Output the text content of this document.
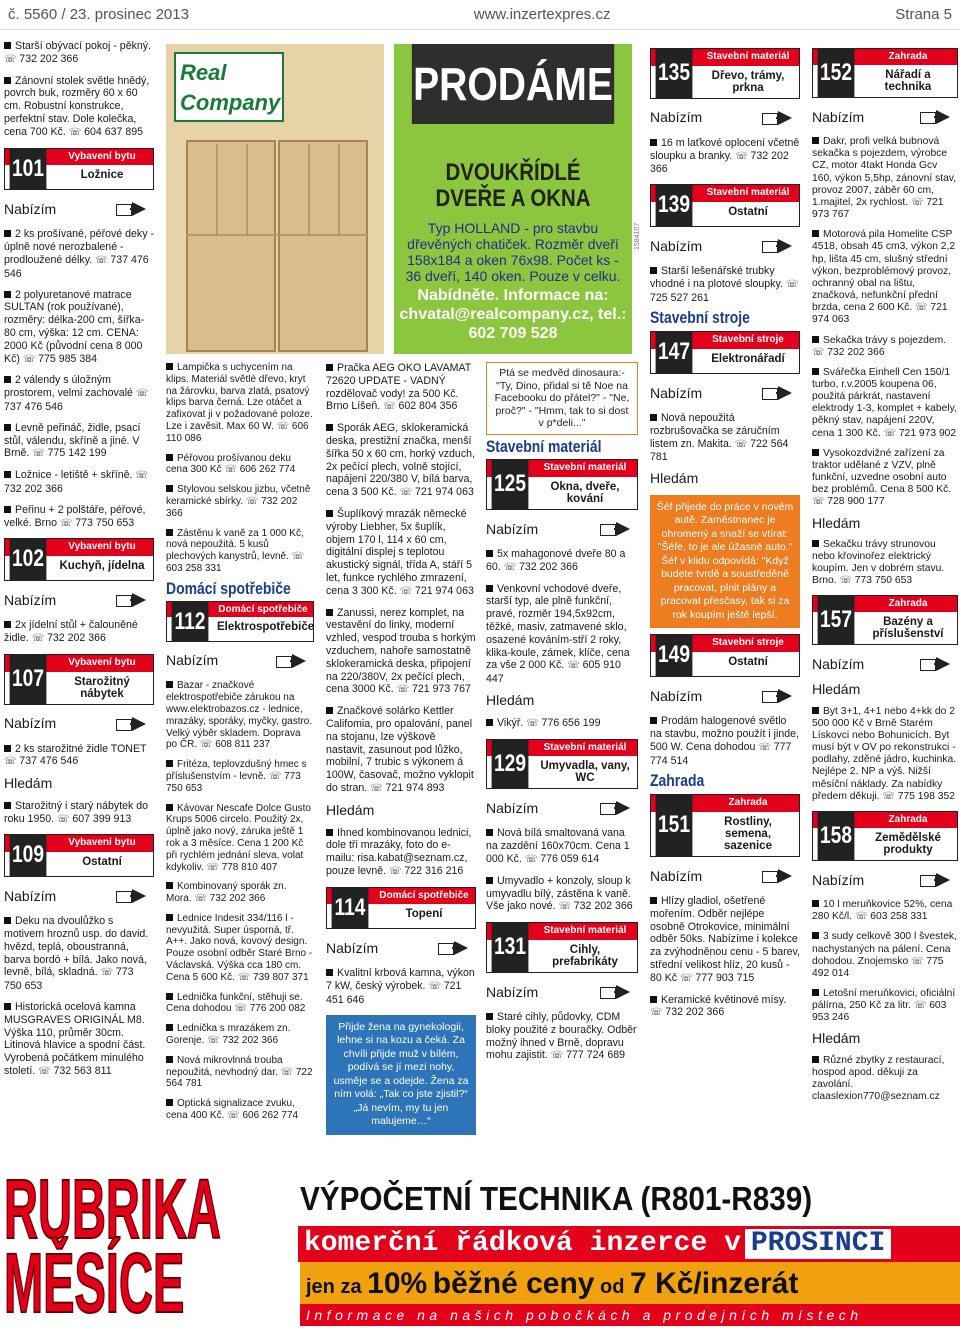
č. 5560 / 23. prosinec 2013	www.inzertexpres.cz	Strana 5
Starší obývací pokoj - pěkný. ☏ 732 202 366
Zánovní stolek světle hnědý, povrch buk, rozměry 60 x 60 cm. Robustní konstrukce, perfektní stav. Dole kolečka, cena 700 Kč. ☏ 604 637 895
101	Vybavení bytu
Ložnice
Nabízím
2 ks prošívané, péřové deky - úplně nové nerozbalené - prodloužené délky. ☏ 737 476 546
2 polyuretanové matrace SULTAN (rok používané), rozměry: délka-200 cm, šířka-80 cm, výška: 12 cm. CENA: 2000 Kč (původní cena 8 000 Kč) ☏ 775 985 384
2 válendy s úložným prostorem, velmi zachovalé ☏ 737 476 546
Levně peřináč, židle, psací stůl, válendu, skříně a jiné. V Brně. ☏ 775 142 199
Ložnice - letiště + skříně. ☏ 732 202 366
Peřinu + 2 polštáře, péřové, velké. Brno ☏ 773 750 653
102	Vybavení bytu
Kuchyň, jídelna
Nabízím
2x jídelní stůl + čalouněné židle. ☏ 732 202 366
107
Vybavení bytu
Starožitný nábytek
Nabízím
2 ks starožitné židle TONET ☏ 737 476 546
Hledám
Starožitný i starý nábytek do roku 1950. ☏ 607 399 913
109	Vybavení bytu
Ostatní
Nabízím
Deku na dvoulůžko s motivem hroznů usp. do david. hvězd, teplá, oboustranná, barva bordó + bílá. Jako nová, levně, bílá, skladná. ☏ 773 750 653
Historická ocelová kamna MUSGRAVES ORIGINÁL M8. Výška 110, průměr 30cm. Litinová hlavice a spodní část. Vyrobená počátkem minulého století. ☏ 732 563 811
Real Company	PRODÁME
DVOUKŘÍDLÉ DVEŘE A OKNA
Typ HOLLAND - pro stavbu dřevěných chatiček. Rozměr dveří 158x184 a oken 76x98. Počet ks - 36 dveří, 140 oken. Pouze v celku.
Nabídněte. Informace na: chvatal@realcompany.cz, tel.: 602 709 528
1584107
Lampička s uchycením na klips. Materiál světlé dřevo, kryt na žárovku, barva zlatá, psatový klips barva černá. Lze otáčet a zafixovat ji v požadované poloze. Lze i zavěsit. Max 60 W. ☏ 606 110 086
Péřovou prošívanou deku cena 300 Kč ☏ 606 262 774
Stylovou selskou jizbu, včetně keramické sbírky. ☏ 732 202 366
Zástěnu k vaně za 1 000 Kč, nová nepoužitá. 5 kusů plechových kanystrů, levně. ☏ 603 258 331
Domácí spotřebiče
112	Domácí spotřebiče
Elektrospotřebiče
Nabízím
Bazar - značkové elektrospotřebiče zárukou na www.elektrobazos.cz - lednice, mrazáky, sporáky, myčky, gastro. Velký výběr skladem. Doprava po ČR. ☏ 608 811 237
Fritéza, teplovzdušný hmec s příslušenstvím - levně. ☏ 773 750 653
Kávovar Nescafe Dolce Gusto Krups 5006 circelo. Použitý 2x, úplně jako nový, záruka ještě 1 rok a 3 měsíce. Cena 1 200 Kč při rychlém jednání sleva, volat kdykoliv. ☏ 778 810 407
Kombinovaný sporák zn. Mora. ☏ 732 202 366
Lednice Indesit 334/116 l - nevyužitá. Super úsporná, tř. A++. Jako nová, kovový design. Pouze osobní odběr Staré Brno - Václavská. Výška cca 180 cm. Cena 5 600 Kč. ☏ 739 807 371
Lednička funkční, stěhuji se. Cena dohodou ☏ 776 200 082
Lednička s mrazákem zn. Gorenje. ☏ 732 202 366
Nová mikrovlnná trouba nepoužitá, nevhodný dar. ☏ 722 564 781
Optická signalizace zvuku, cena 400 Kč. ☏ 606 262 774
Pračka AEG OKO LAVAMAT 72620 UPDATE - VADNÝ rozdělovač vody! za 500 Kč. Brno Líšeň. ☏ 602 804 356
Sporák AEG, sklokeramická deska, prestižní značka, menší šířka 50 x 60 cm, horký vzduch, 2x pečící plech, volně stojící, napájení 220/380 V, bílá barva, cena 3 500 Kč. ☏ 721 974 063
Šuplíkový mrazák německé výroby Liebher, 5x šuplík, objem 170 l, 114 x 60 cm, digitální displej s teplotou akustický signál, třída A, stáří 5 let, funkce rychlého zmrazení, cena 3 300 Kč. ☏ 721 974 063
Zanussi, nerez komplet, na vestavění do linky, moderní vzhled, vespod trouba s horkým vzduchem, nahoře samostatně sklokeramická deska, připojení na 220/380V, 2x pečící plech, cena 3000 Kč. ☏ 721 973 767
Značkové solárko Kettler Califomia, pro opalování, panel na stojanu, lze výškově nastavit, zasunout pod lůžko, mobilní, 7 trubic s výkonem á 100W, časovač, možno vyklopit do stran. ☏ 721 974 893
Hledám
Ihned kombinovanou lednici, dole tři mrazáky, foto do e-mailu: risa.kabat@seznam.cz, pouze levně. ☏ 722 316 216
114	Domácí spotřebiče
Topení
Nabízím
Kvalitní krbová kamna, výkon 7 kW, český výrobek. ☏ 721 451 646
Přijde žena na gynekologii, lehne si na kozu a čeká. Za chvíli přijde muž v bílém, podívá se jí mezi nohy, usměje se a odejde. Žena za ním volá: „Tak co jste zjistil?“ „Já nevím, my tu jen malujeme…“
Ptá se medvěd dinosaura:- "Ty, Dino, přidal si tě Noe na Facebooku do přátel?" - "Ne, proč?" - "Hmm, tak to si dost v p*deli..."
Stavební materiál
125
Stavební materiál
Okna, dveře, kování
Nabízím
5x mahagonové dveře 80 a 60. ☏ 732 202 366
Venkovní vchodové dveře, starší typ, ale plně funkční, pravé, rozměr 194,5x92cm, těžké, masiv, zatmavené sklo, osazené kováním-stří 2 roky, klika-koule, zámek, klíče, cena za vše 2 000 Kč. ☏ 605 910 447
Hledám
Vikýř. ☏ 776 656 199
129
Stavební materiál
Umyvadla, vany, WC
Nabízím
Nová bílá smaltovaná vana na zazdění 160x70cm. Cena 1 000 Kč. ☏ 776 059 614
Umyvadlo + konzoly, sloup k umyvadlu bílý, zástěna k vaně. Vše jako nové. ☏ 732 202 366
131
Stavební materiál
Cihly, prefabrikáty
Nabízím
Staré cihly, půdovky, CDM bloky použité z bouračky. Odběr možný ihned v Brně, dopravu mohu zajistit. ☏ 777 724 689
135
Stavební materiál
Dřevo, trámy, prkna
Nabízím
16 m laťkové oplocení včetně sloupku a branky. ☏ 732 202 366
139	Stavební materiál
Ostatní
Nabízím
Starší lešenářské trubky vhodné i na plotové sloupky. ☏ 725 527 261
Stavební stroje
147	Stavební stroje
Elektronářadí
Nabízím
Nová nepoužitá rozbrušovačka se záručním listem zn. Makita. ☏ 722 564 781
Hledám
Šéf přijede do práce v novém autě. Zaměstnanec je ohromený a snaží se vtírat: "Šéfe, to je ale úžasné auto." Šéf v klidu odpovídá: "Když budete tvrdě a soustředěně pracovat, plnit plány a pracovat přesčasy, tak si za rok koupím ještě lepší.
149	Stavební stroje
Ostatní
Nabízím
Prodám halogenové světlo na stavbu, možno použít i jinde, 500 W. Cena dohodou ☏ 777 774 514
Zahrada
151
Zahrada
Rostliny, semena, sazenice
Nabízím
Hlízy gladiol, ošetřené mořením. Odběr nejlépe osobně Otrokovice, minimální odběr 50ks. Nabízíme i kolekce za zvýhodněnou cenu - 5 barev, střední velikost hlíz, 20 kusů - 80 Kč ☏ 777 903 715
Keramické květinové mísy. ☏ 732 202 366
152
Zahrada
Nářadí a technika
Nabízím
Dakr, profi velká bubnová sekačka s pojezdem, výrobce CZ, motor 4takt Honda Gcv 160, výkon 5,5hp, zánovní stav, provoz 2007, záběr 60 cm, 1.majitel, 2x rychlost. ☏ 721 973 767
Motorová pila Homelite CSP 4518, obsah 45 cm3, výkon 2,2 hp, lišta 45 cm, slušný střední výkon, bezproblémový provoz, ochranný obal na lištu, značková, nefunkční přední brzda, cena 2 600 Kč. ☏ 721 974 063
Sekačka trávy s pojezdem. ☏ 732 202 366
Svářečka Einhell Cen 150/1 turbo, r.v.2005 koupena 06, použitá párkrát, nastavení elektrody 1-3, komplet + kabely, pěkný stav, napájení 220V, cena 1 300 Kč. ☏ 721 973 902
Vysokozdvižné zařízení za traktor udělané z VZV, plně funkční, uzvedne osobní auto bez problémů. Cena 8 500 Kč. ☏ 728 900 177
Hledám
Sekačku trávy strunovou nebo křovinořez elektrický koupím. Jen v dobrém stavu. Brno. ☏ 773 750 653
157
Zahrada
Bazény a příslušenství
Nabízím
Hledám
Byt 3+1, 4+1 nebo 4+kk do 2 500 000 Kč v Brně Starém Lískovci nebo Bohunicích. Byt musí být v OV po rekonstrukci - podlahy, zděné jádro, kuchinka. Nejlépe 2. NP a výš. Nižší měsíční náklady. Za nabídky předem děkuji. ☏ 775 198 352
158
Zahrada
Zemědělské produkty
Nabízím
10 l meruňkovice 52%, cena 280 Kč/l. ☏ 603 258 331
3 sudy celkově 300 l švestek, nachystaných na pálení. Cena dohodou. Znojemsko ☏ 775 492 014
Letošní meruňkovici, oficiální pálírna, 250 Kč za litr. ☏ 603 953 246
Hledám
Různé zbytky z restaurací, hospod apod. děkuji za zavolání. claaslexion770@seznam.cz
RUBRIKA
MĚSÍCE
VÝPOČETNÍ TECHNIKA (R801-R839)
komerční řádková inzerce v PROSINCI
jen za 10% běžné ceny od 7 Kč/inzerát
Informace na našich pobočkách a prodejních místech
